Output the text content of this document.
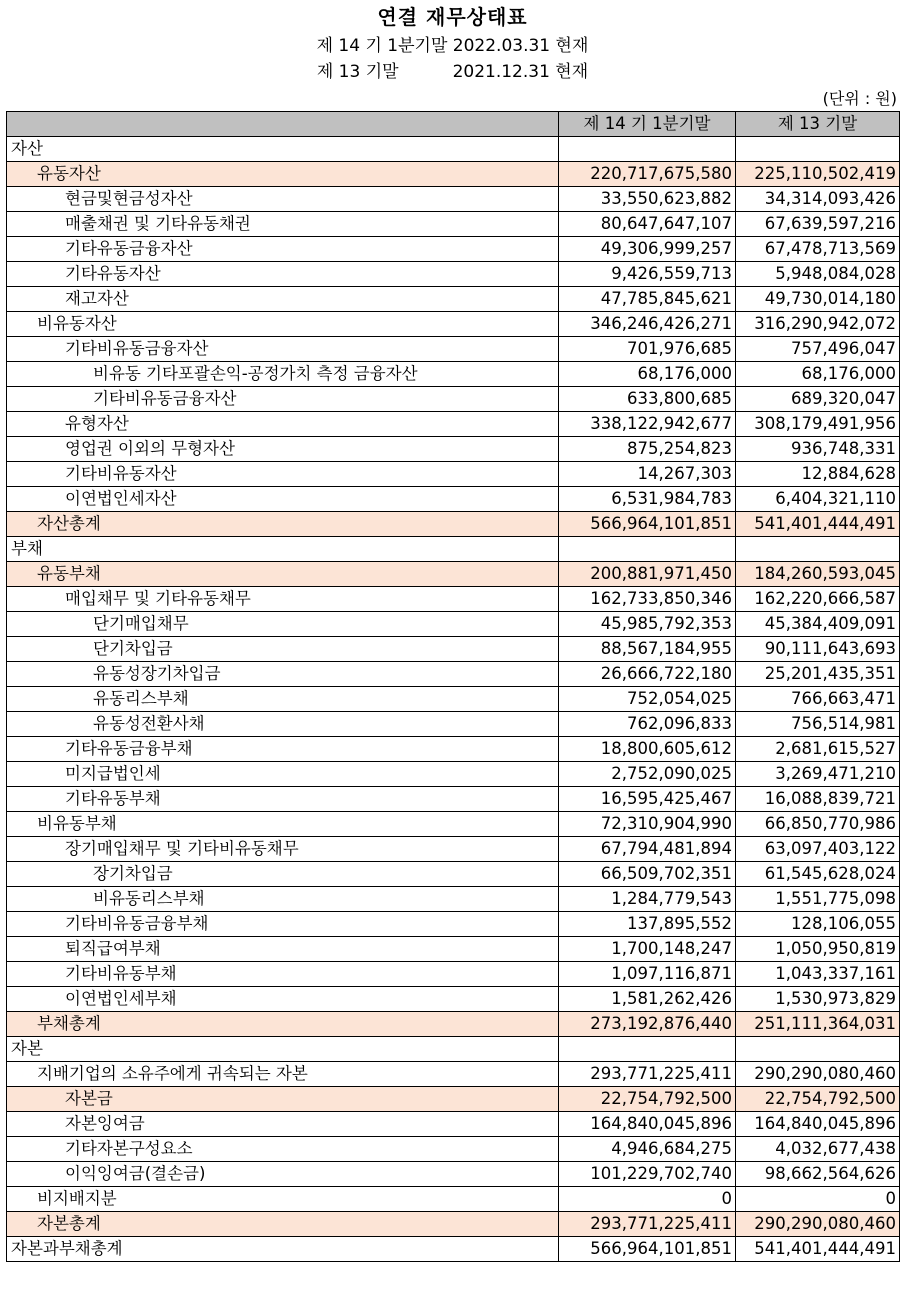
연결 재무상태표
제 14 기 1분기말 2022.03.31 현재
제 13 기말          2021.12.31 현재
(단위 : 원)
	제 14 기 1분기말	제 13 기말
자산		
유동자산	220,717,675,580	225,110,502,419
현금및현금성자산	33,550,623,882	34,314,093,426
매출채권 및 기타유동채권	80,647,647,107	67,639,597,216
기타유동금융자산	49,306,999,257	67,478,713,569
기타유동자산	9,426,559,713	5,948,084,028
재고자산	47,785,845,621	49,730,014,180
비유동자산	346,246,426,271	316,290,942,072
기타비유동금융자산	701,976,685	757,496,047
비유동 기타포괄손익-공정가치 측정 금융자산	68,176,000	68,176,000
기타비유동금융자산	633,800,685	689,320,047
유형자산	338,122,942,677	308,179,491,956
영업권 이외의 무형자산	875,254,823	936,748,331
기타비유동자산	14,267,303	12,884,628
이연법인세자산	6,531,984,783	6,404,321,110
자산총계	566,964,101,851	541,401,444,491
부채		
유동부채	200,881,971,450	184,260,593,045
매입채무 및 기타유동채무	162,733,850,346	162,220,666,587
단기매입채무	45,985,792,353	45,384,409,091
단기차입금	88,567,184,955	90,111,643,693
유동성장기차입금	26,666,722,180	25,201,435,351
유동리스부채	752,054,025	766,663,471
유동성전환사채	762,096,833	756,514,981
기타유동금융부채	18,800,605,612	2,681,615,527
미지급법인세	2,752,090,025	3,269,471,210
기타유동부채	16,595,425,467	16,088,839,721
비유동부채	72,310,904,990	66,850,770,986
장기매입채무 및 기타비유동채무	67,794,481,894	63,097,403,122
장기차입금	66,509,702,351	61,545,628,024
비유동리스부채	1,284,779,543	1,551,775,098
기타비유동금융부채	137,895,552	128,106,055
퇴직급여부채	1,700,148,247	1,050,950,819
기타비유동부채	1,097,116,871	1,043,337,161
이연법인세부채	1,581,262,426	1,530,973,829
부채총계	273,192,876,440	251,111,364,031
자본		
지배기업의 소유주에게 귀속되는 자본	293,771,225,411	290,290,080,460
자본금	22,754,792,500	22,754,792,500
자본잉여금	164,840,045,896	164,840,045,896
기타자본구성요소	4,946,684,275	4,032,677,438
이익잉여금(결손금)	101,229,702,740	98,662,564,626
비지배지분	0	0
자본총계	293,771,225,411	290,290,080,460
자본과부채총계	566,964,101,851	541,401,444,491
